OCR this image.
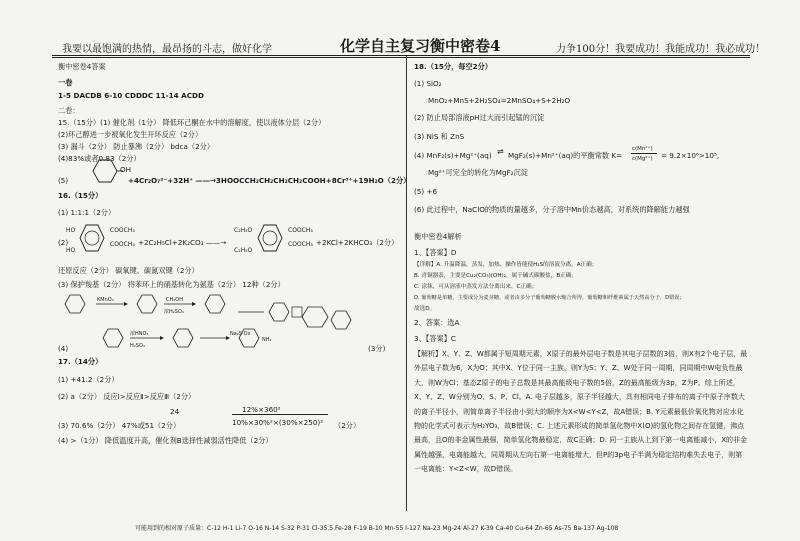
我要以最饱满的热情，最昂扬的斗志，做好化学	化学自主复习衡中密卷4	力争100分！我要成功！我能成功！我必成功！
衡中密卷4答案
一卷
1-5 DACDB 6-10 CDDDC 11-14 ACDD
二卷：
15.（15分）(1) 催化剂（1分） 降低环己酮在水中的溶解度，使以液体分层（2分）
(2)环己醇进一步被氧化发生开环反应（2分）
(3) 漏斗（2分） 防止暴沸（2分） bdca（2分）
(4)83%或者0.83（2分）
(5)
OH
+4Cr₂O₇²⁻+32H⁺ ——→3HOOCCH₂CH₂CH₂CH₂COOH+8Cr³⁺+19H₂O（2分）
16.（15分）
(1) 1:1:1（2分）
(2)
HO
HO
COOCH₃
COOCH₃ +2C₂H₅Cl+2K₂CO₃ ——→
C₂H₅O
C₂H₅O
COOCH₃
COOCH₃ +2KCl+2KHCO₃（2分）
还原反应（2分） 碳氧键、碳氮双键（2分）
(3) 保护羧基（2分） 将苯环上的硝基转化为氨基（2分） 12种（2分）
KMnO₄	CH₃OH
浓H₂SO₄
Na₂S·Ox
浓HNO₃
H₂SO₄
NH₂
(4)	(3分)
17.（14分）
(1) +41.2（2分）
(2) a（2分） 反应Ⅰ>反应Ⅱ>反应Ⅲ（2分）
24	12%×360²
10%×30%²×(30%×250)²
(3) 70.6%（2分） 47%或51（2分）	（2分）
(4) >（1分） 降低温度升高，催化剂B选择性减弱活性降低（2分）
18.（15分，每空2分）
(1) SiO₂
MnO₂+MnS+2H₂SO₄=2MnSO₄+S+2H₂O
(2) 防止局部溶液pH过大而引起锰的沉淀
(3) NiS 和 ZnS
(4) MnF₂(s)+Mg²⁺(aq) ⇌ MgF₂(s)+Mn²⁺(aq)的平衡常数 K=
c(Mn²⁺)
c(Mg²⁺) = 9.2×10⁶>10⁵,
Mg²⁺可完全的转化为MgF₂沉淀
(5) +6
(6) 此过程中，NaClO的物质的量越多，分子溶中Mn价态越高，对系统的降解能力越强
衡中密卷4解析
1、【答案】D
【详解】A. 升温降温，蒸发，加热、操作皆能使H₂S的溶液分离，A正确；
B. 青铜器表，主要是Cu₂(CO₃)(OH)₂，属于碱式碳酸盐，B正确；
C. 涂抹，可从溶液中蒸发方法分离出来，C正确；
D. 葡萄糖是单糖，主要成分为麦芽糖，或者由多分子葡萄糖脱水缩合所得，葡萄糖和纤维素属于天然高分子，D错误；
故选D。
2、答案：选A
3、【答案】C
【解析】X、Y、Z、W都属于短周期元素，X原子的最外层电子数是其电子层数的3倍，则X有2个电子层，最外层电子数为6，X为O；其中X、Y位于同一主族，则Y为S；Y、Z、W处于同一周期，同周期中W电负性最大，则W为Cl；基态Z原子的电子总数是其最高能级电子数的5倍，Z的最高能级为3p，Z为P。综上所述，X、Y、Z、W分别为O、S、P、Cl。A. 电子层越多，原子半径越大，具有相同电子排布的离子中原子序数大的离子半径小，则简单离子半径由小到大的顺序为X<W<Y<Z，故A错误；B. Y元素最低价氧化物对应水化物的化学式可表示为H₂YO₃，故B错误；C. 上述元素形成的简单氢化物中X(O)的氢化物之间存在氢键，沸点最高，且O的非金属性最强，简单氢化物最稳定，故C正确；D. 同一主族从上到下第一电离能减小，X的非金属性越强，电离能越大，同周期从左向右第一电离能增大，但P的3p电子半满为稳定结构难失去电子，则第一电离能：Y<Z<W，故D错误。
可能用到的相对原子质量：C-12 H-1 Li-7 O-16 N-14 S-32 P-31 Cl-35.5 Fe-28 F-19 B-10 Mn-55 I-127 Na-23 Mg-24 Al-27 K-39 Ca-40 Cu-64 Zn-65 As-75 Ba-137 Ag-108
